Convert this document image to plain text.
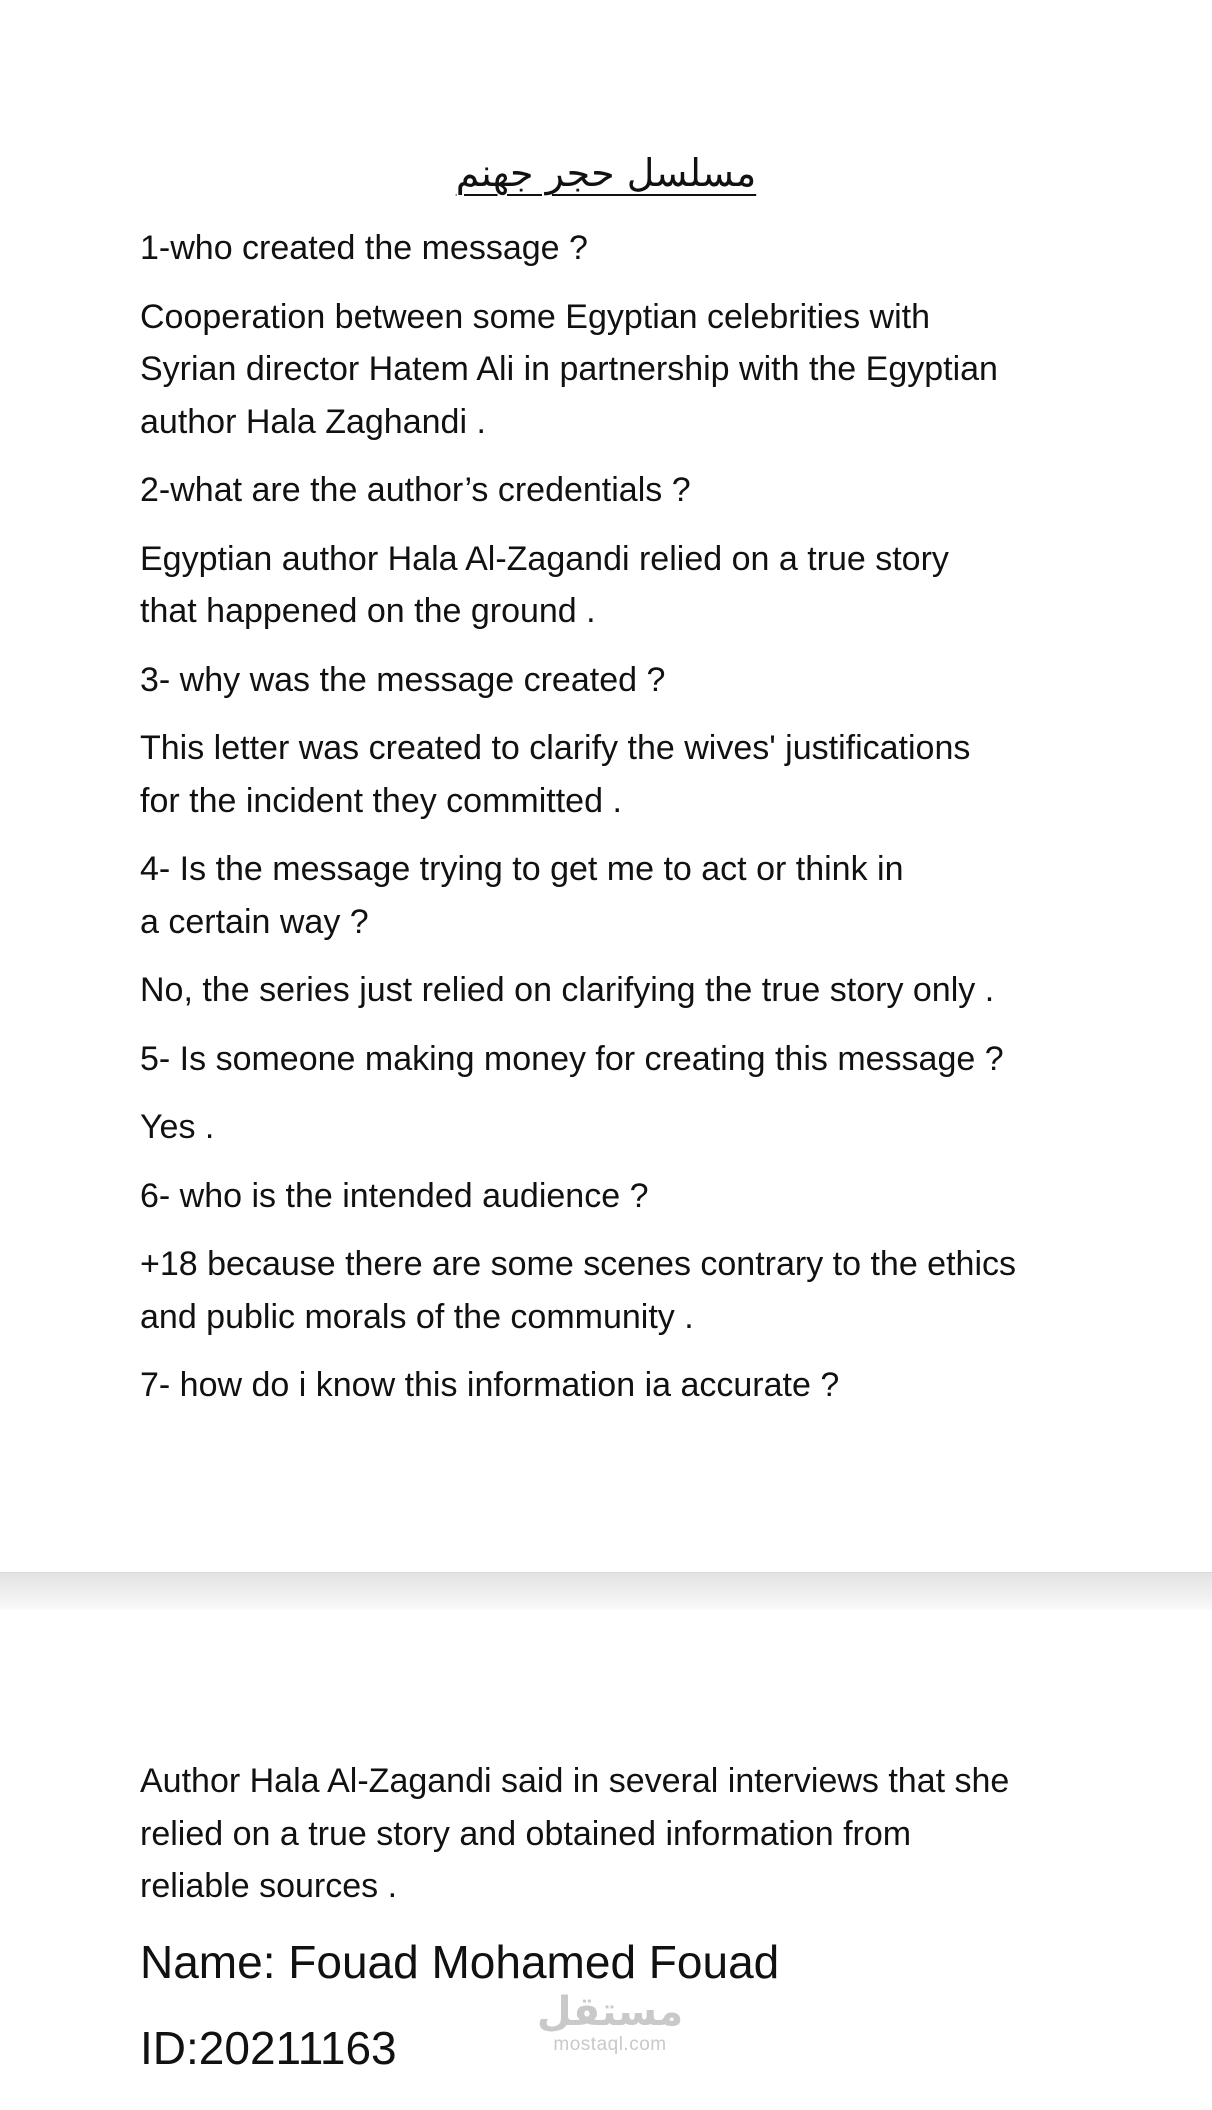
مسلسل حجر جهنم

1-who created the message ?

Cooperation between some Egyptian celebrities with
Syrian director Hatem Ali in partnership with the Egyptian
author Hala Zaghandi .

2-what are the author’s credentials ?

Egyptian author Hala Al-Zagandi relied on a true story
that happened on the ground .

3- why was the message created ?

This letter was created to clarify the wives' justifications
for the incident they committed .

4- Is the message trying to get me to act or think in
a certain way ?

No, the series just relied on clarifying the true story only .

5- Is someone making money for creating this message ?

Yes .

6- who is the intended audience ?

+18 because there are some scenes contrary to the ethics
and public morals of the community .

7- how do i know this information ia accurate ?

Author Hala Al-Zagandi said in several interviews that she
relied on a true story and obtained information from
reliable sources .

Name: Fouad Mohamed Fouad

ID:20211163

مستقل
mostaql.com
